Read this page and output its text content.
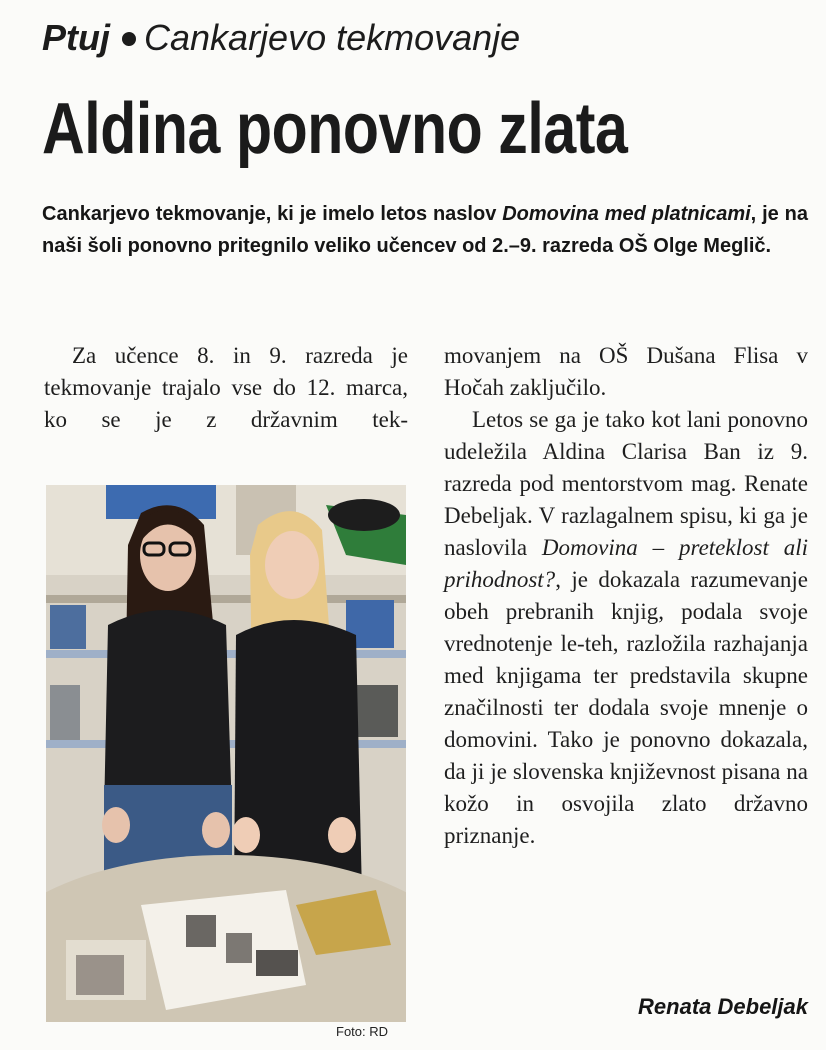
Ptuj Cankarjevo tekmovanje
Aldina ponovno zlata

Cankarjevo tekmovanje, ki je imelo letos naslov Domovina med platnicami, je na naši šoli ponovno pritegnilo veliko učencev od 2.–9. razreda OŠ Olge Meglič.

Za učence 8. in 9. razreda je tekmovanje trajalo vse do 12. marca, ko se je z državnim tek-

movanjem na OŠ Dušana Flisa v Hočah zaključilo.

Letos se ga je tako kot lani ponovno udeležila Aldina Clarisa Ban iz 9. razreda pod mentorstvom mag. Renate Debeljak. V razlagalnem spisu, ki ga je naslovila Domovina – preteklost ali prihodnost?, je dokazala razumevanje obeh prebranih knjig, podala svoje vrednotenje le-teh, razložila razhajanja med knjigama ter predstavila skupne značilnosti ter dodala svoje mnenje o domovini. Tako je ponovno dokazala, da ji je slovenska književnost pisana na kožo in osvojila zlato državno priznanje.

Foto: RD

Renata Debeljak
